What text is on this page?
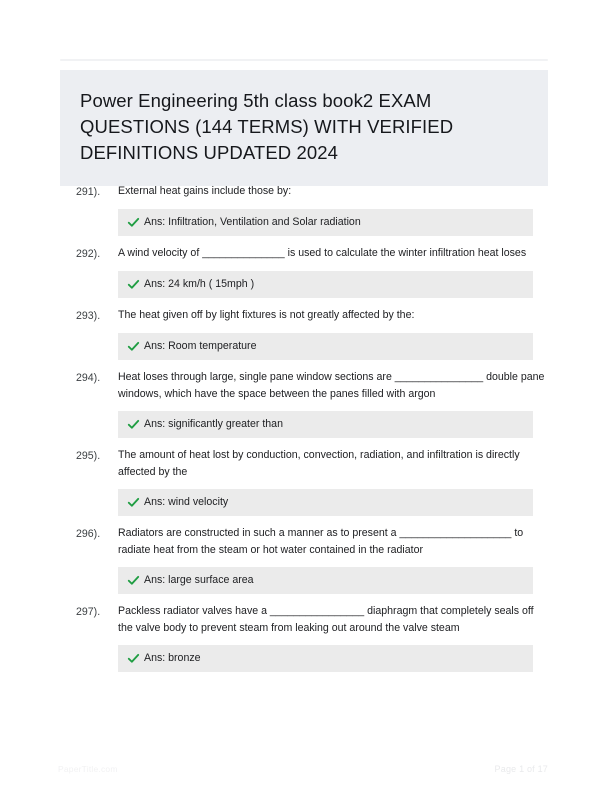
Power Engineering 5th class book2 EXAM QUESTIONS (144 TERMS) WITH VERIFIED DEFINITIONS UPDATED 2024
291).	External heat gains include those by:
Ans: Infiltration, Ventilation and Solar radiation
292).	A wind velocity of ______________ is used to calculate the winter infiltration heat loses
Ans: 24 km/h ( 15mph )
293).	The heat given off by light fixtures is not greatly affected by the:
Ans: Room temperature
294).	Heat loses through large, single pane window sections are _______________ double pane windows, which have the space between the panes filled with argon
Ans: significantly greater than
295).	The amount of heat lost by conduction, convection, radiation, and infiltration is directly affected by the
Ans: wind velocity
296).	Radiators are constructed in such a manner as to present a ___________________ to radiate heat from the steam or hot water contained in the radiator
Ans: large surface area
297).	Packless radiator valves have a ________________ diaphragm that completely seals off the valve body to prevent steam from leaking out around the valve steam
Ans: bronze
PaperTitle.com	Page 1 of 17
